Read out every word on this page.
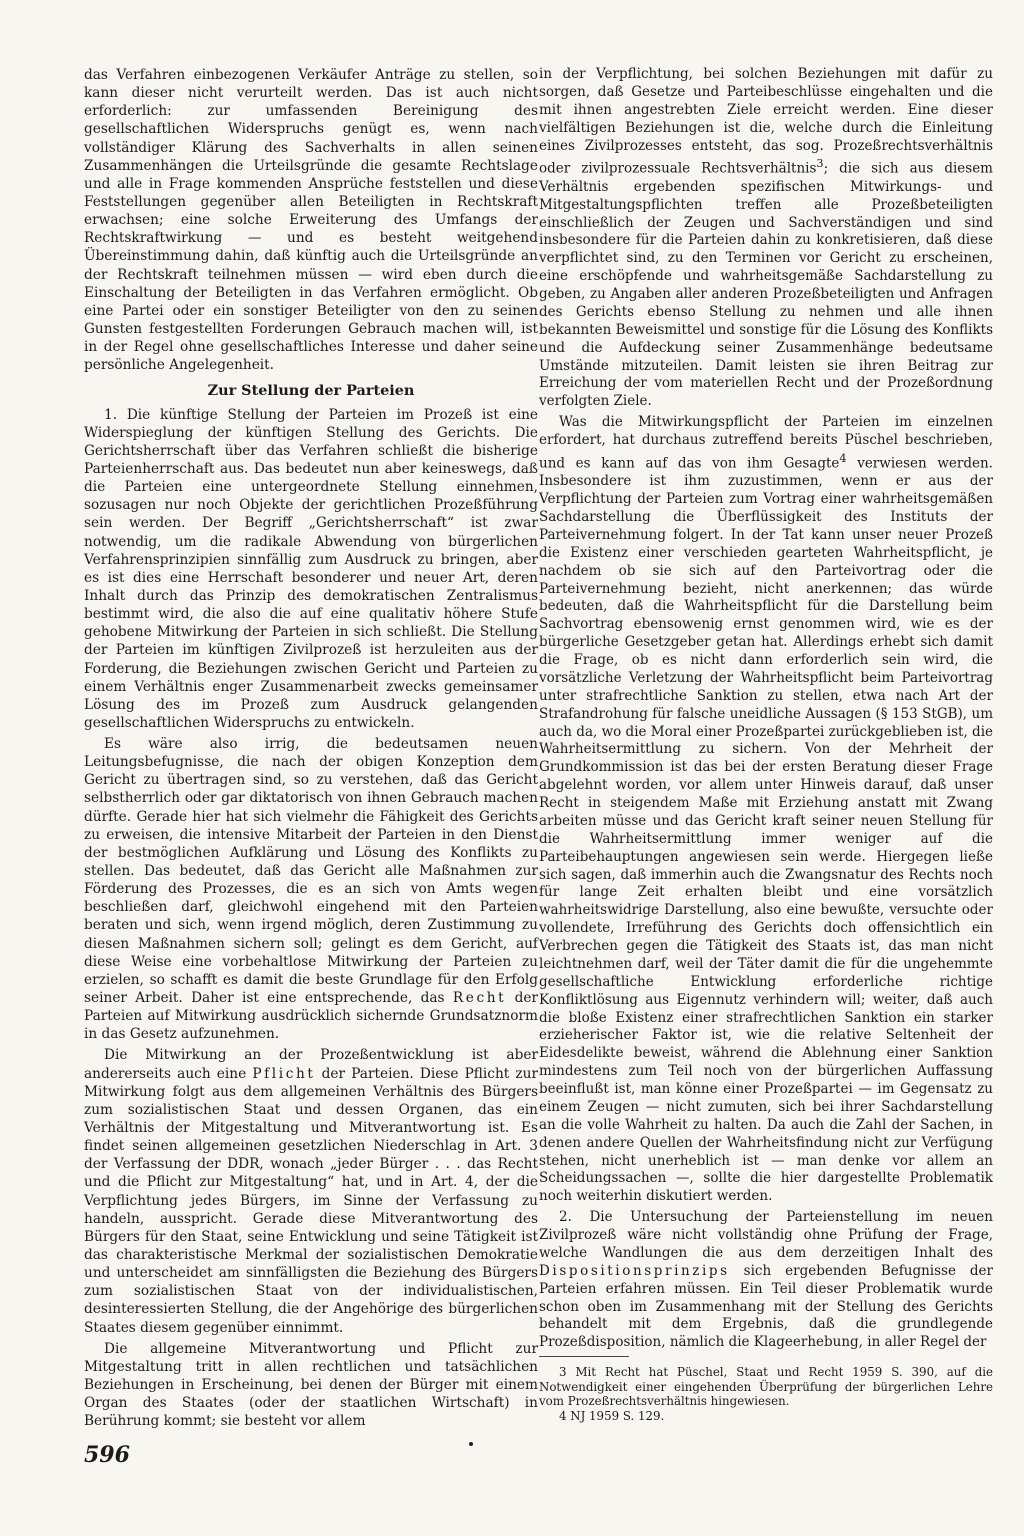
das Verfahren einbezogenen Verkäufer Anträge zu stellen, so kann dieser nicht verurteilt werden. Das ist auch nicht erforderlich: zur umfassenden Bereinigung des gesellschaftlichen Widerspruchs genügt es, wenn nach vollständiger Klärung des Sachverhalts in allen seinen Zusammenhängen die Urteilsgründe die gesamte Rechtslage und alle in Frage kommenden Ansprüche feststellen und diese Feststellungen gegenüber allen Beteiligten in Rechtskraft erwachsen; eine solche Erweiterung des Umfangs der Rechtskraftwirkung — und es besteht weitgehend Übereinstimmung dahin, daß künftig auch die Urteilsgründe an der Rechtskraft teilnehmen müssen — wird eben durch die Einschaltung der Beteiligten in das Verfahren ermöglicht. Ob eine Partei oder ein sonstiger Beteiligter von den zu seinen Gunsten festgestellten Forderungen Gebrauch machen will, ist in der Regel ohne gesellschaftliches Interesse und daher seine persönliche Angelegenheit.

Zur Stellung der Parteien

1. Die künftige Stellung der Parteien im Prozeß ist eine Widerspieglung der künftigen Stellung des Gerichts. Die Gerichtsherrschaft über das Verfahren schließt die bisherige Parteienherrschaft aus. Das bedeutet nun aber keineswegs, daß die Parteien eine untergeordnete Stellung einnehmen, sozusagen nur noch Objekte der gerichtlichen Prozeßführung sein werden. Der Begriff „Gerichtsherrschaft“ ist zwar notwendig, um die radikale Abwendung von bürgerlichen Verfahrensprinzipien sinnfällig zum Ausdruck zu bringen, aber es ist dies eine Herrschaft besonderer und neuer Art, deren Inhalt durch das Prinzip des demokratischen Zentralismus bestimmt wird, die also die auf eine qualitativ höhere Stufe gehobene Mitwirkung der Parteien in sich schließt. Die Stellung der Parteien im künftigen Zivilprozeß ist herzuleiten aus der Forderung, die Beziehungen zwischen Gericht und Parteien zu einem Verhältnis enger Zusammenarbeit zwecks gemeinsamer Lösung des im Prozeß zum Ausdruck gelangenden gesellschaftlichen Widerspruchs zu entwickeln.

Es wäre also irrig, die bedeutsamen neuen Leitungsbefugnisse, die nach der obigen Konzeption dem Gericht zu übertragen sind, so zu verstehen, daß das Gericht selbstherrlich oder gar diktatorisch von ihnen Gebrauch machen dürfte. Gerade hier hat sich vielmehr die Fähigkeit des Gerichts zu erweisen, die intensive Mitarbeit der Parteien in den Dienst der bestmöglichen Aufklärung und Lösung des Konflikts zu stellen. Das bedeutet, daß das Gericht alle Maßnahmen zur Förderung des Prozesses, die es an sich von Amts wegen beschließen darf, gleichwohl eingehend mit den Parteien beraten und sich, wenn irgend möglich, deren Zustimmung zu diesen Maßnahmen sichern soll; gelingt es dem Gericht, auf diese Weise eine vorbehaltlose Mitwirkung der Parteien zu erzielen, so schafft es damit die beste Grundlage für den Erfolg seiner Arbeit. Daher ist eine entsprechende, das Recht der Parteien auf Mitwirkung ausdrücklich sichernde Grundsatznorm in das Gesetz aufzunehmen.

Die Mitwirkung an der Prozeßentwicklung ist aber andererseits auch eine Pflicht der Parteien. Diese Pflicht zur Mitwirkung folgt aus dem allgemeinen Verhältnis des Bürgers zum sozialistischen Staat und dessen Organen, das ein Verhältnis der Mitgestaltung und Mitverantwortung ist. Es findet seinen allgemeinen gesetzlichen Niederschlag in Art. 3 der Verfassung der DDR, wonach „jeder Bürger . . . das Recht und die Pflicht zur Mitgestaltung“ hat, und in Art. 4, der die Verpflichtung jedes Bürgers, im Sinne der Verfassung zu handeln, ausspricht. Gerade diese Mitverantwortung des Bürgers für den Staat, seine Entwicklung und seine Tätigkeit ist das charakteristische Merkmal der sozialistischen Demokratie und unterscheidet am sinnfälligsten die Beziehung des Bürgers zum sozialistischen Staat von der individualistischen, desinteressierten Stellung, die der Angehörige des bürgerlichen Staates diesem gegenüber einnimmt.

Die allgemeine Mitverantwortung und Pflicht zur Mitgestaltung tritt in allen rechtlichen und tatsächlichen Beziehungen in Erscheinung, bei denen der Bürger mit einem Organ des Staates (oder der staatlichen Wirtschaft) in Berührung kommt; sie besteht vor allem

in der Verpflichtung, bei solchen Beziehungen mit dafür zu sorgen, daß Gesetze und Parteibeschlüsse eingehalten und die mit ihnen angestrebten Ziele erreicht werden. Eine dieser vielfältigen Beziehungen ist die, welche durch die Einleitung eines Zivilprozesses entsteht, das sog. Prozeßrechtsverhältnis oder zivilprozessuale Rechtsverhältnis$^3$; die sich aus diesem Verhältnis ergebenden spezifischen Mitwirkungs- und Mitgestaltungspflichten treffen alle Prozeßbeteiligten einschließlich der Zeugen und Sachverständigen und sind insbesondere für die Parteien dahin zu konkretisieren, daß diese verpflichtet sind, zu den Terminen vor Gericht zu erscheinen, eine erschöpfende und wahrheitsgemäße Sachdarstellung zu geben, zu Angaben aller anderen Prozeßbeteiligten und Anfragen des Gerichts ebenso Stellung zu nehmen und alle ihnen bekannten Beweismittel und sonstige für die Lösung des Konflikts und die Aufdeckung seiner Zusammenhänge bedeutsame Umstände mitzuteilen. Damit leisten sie ihren Beitrag zur Erreichung der vom materiellen Recht und der Prozeßordnung verfolgten Ziele.

Was die Mitwirkungspflicht der Parteien im einzelnen erfordert, hat durchaus zutreffend bereits Püschel beschrieben, und es kann auf das von ihm Gesagte$^4$ verwiesen werden. Insbesondere ist ihm zuzustimmen, wenn er aus der Verpflichtung der Parteien zum Vortrag einer wahrheitsgemäßen Sachdarstellung die Überflüssigkeit des Instituts der Parteivernehmung folgert. In der Tat kann unser neuer Prozeß die Existenz einer verschieden gearteten Wahrheitspflicht, je nachdem ob sie sich auf den Parteivortrag oder die Parteivernehmung bezieht, nicht anerkennen; das würde bedeuten, daß die Wahrheitspflicht für die Darstellung beim Sachvortrag ebensowenig ernst genommen wird, wie es der bürgerliche Gesetzgeber getan hat. Allerdings erhebt sich damit die Frage, ob es nicht dann erforderlich sein wird, die vorsätzliche Verletzung der Wahrheitspflicht beim Parteivortrag unter strafrechtliche Sanktion zu stellen, etwa nach Art der Strafandrohung für falsche uneidliche Aussagen (§ 153 StGB), um auch da, wo die Moral einer Prozeßpartei zurückgeblieben ist, die Wahrheitsermittlung zu sichern. Von der Mehrheit der Grundkommission ist das bei der ersten Beratung dieser Frage abgelehnt worden, vor allem unter Hinweis darauf, daß unser Recht in steigendem Maße mit Erziehung anstatt mit Zwang arbeiten müsse und das Gericht kraft seiner neuen Stellung für die Wahrheitsermittlung immer weniger auf die Parteibehauptungen angewiesen sein werde. Hiergegen ließe sich sagen, daß immerhin auch die Zwangsnatur des Rechts noch für lange Zeit erhalten bleibt und eine vorsätzlich wahrheitswidrige Darstellung, also eine bewußte, versuchte oder vollendete, Irreführung des Gerichts doch offensichtlich ein Verbrechen gegen die Tätigkeit des Staats ist, das man nicht leichtnehmen darf, weil der Täter damit die für die ungehemmte gesellschaftliche Entwicklung erforderliche richtige Konfliktlösung aus Eigennutz verhindern will; weiter, daß auch die bloße Existenz einer strafrechtlichen Sanktion ein starker erzieherischer Faktor ist, wie die relative Seltenheit der Eidesdelikte beweist, während die Ablehnung einer Sanktion mindestens zum Teil noch von der bürgerlichen Auffassung beeinflußt ist, man könne einer Prozeßpartei — im Gegensatz zu einem Zeugen — nicht zumuten, sich bei ihrer Sachdarstellung an die volle Wahrheit zu halten. Da auch die Zahl der Sachen, in denen andere Quellen der Wahrheitsfindung nicht zur Verfügung stehen, nicht unerheblich ist — man denke vor allem an Scheidungssachen —, sollte die hier dargestellte Problematik noch weiterhin diskutiert werden.

2. Die Untersuchung der Parteienstellung im neuen Zivilprozeß wäre nicht vollständig ohne Prüfung der Frage, welche Wandlungen die aus dem derzeitigen Inhalt des Dispositionsprinzips sich ergebenden Befugnisse der Parteien erfahren müssen. Ein Teil dieser Problematik wurde schon oben im Zusammenhang mit der Stellung des Gerichts behandelt mit dem Ergebnis, daß die grundlegende Prozeßdisposition, nämlich die Klageerhebung, in aller Regel der

3 Mit Recht hat Püschel, Staat und Recht 1959 S. 390, auf die Notwendigkeit einer eingehenden Überprüfung der bürgerlichen Lehre vom Prozeßrechtsverhältnis hingewiesen.

4 NJ 1959 S. 129.

596
